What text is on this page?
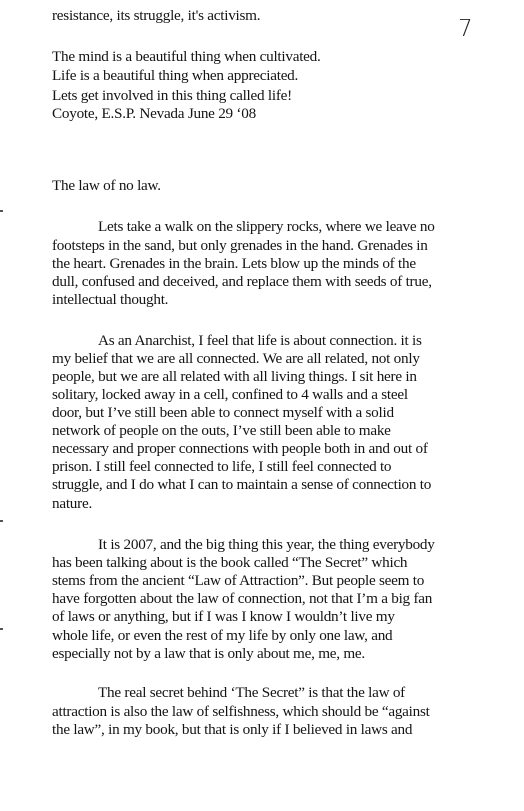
7
resistance, its struggle, it's activism.
The mind is a beautiful thing when cultivated.
Life is a beautiful thing when appreciated.
Lets get involved in this thing called life!
Coyote, E.S.P. Nevada June 29 ‘08
The law of no law.
Lets take a walk on the slippery rocks, where we leave no
footsteps in the sand, but only grenades in the hand. Grenades in
the heart. Grenades in the brain. Lets blow up the minds of the
dull, confused and deceived, and replace them with seeds of true,
intellectual thought.
As an Anarchist, I feel that life is about connection. it is
my belief that we are all connected. We are all related, not only
people, but we are all related with all living things. I sit here in
solitary, locked away in a cell, confined to 4 walls and a steel
door, but I’ve still been able to connect myself with a solid
network of people on the outs, I’ve still been able to make
necessary and proper connections with people both in and out of
prison. I still feel connected to life, I still feel connected to
struggle, and I do what I can to maintain a sense of connection to
nature.
It is 2007, and the big thing this year, the thing everybody
has been talking about is the book called “The Secret” which
stems from the ancient “Law of Attraction”. But people seem to
have forgotten about the law of connection, not that I’m a big fan
of laws or anything, but if I was I know I wouldn’t live my
whole life, or even the rest of my life by only one law, and
especially not by a law that is only about me, me, me.
The real secret behind ‘The Secret” is that the law of
attraction is also the law of selfishness, which should be “against
the law”, in my book, but that is only if I believed in laws and
